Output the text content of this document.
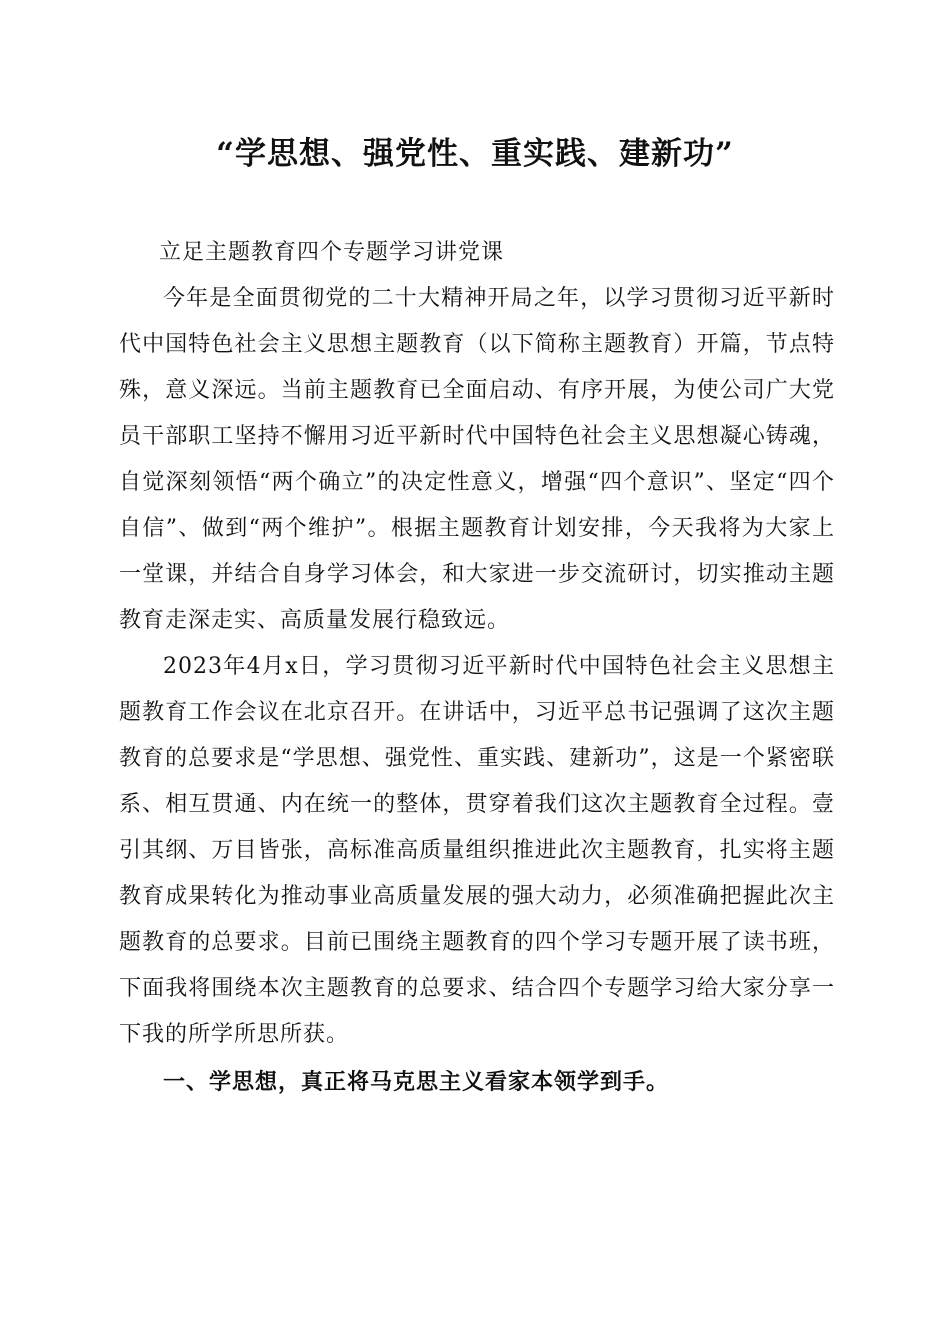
“学思想、强党性、重实践、建新功”

立足主题教育四个专题学习讲党课

今年是全面贯彻党的二十大精神开局之年，以学习贯彻习近平新时代中国特色社会主义思想主题教育（以下简称主题教育）开篇，节点特殊，意义深远。当前主题教育已全面启动、有序开展，为使公司广大党员干部职工坚持不懈用习近平新时代中国特色社会主义思想凝心铸魂，自觉深刻领悟“两个确立”的决定性意义，增强“四个意识”、坚定“四个自信”、做到“两个维护”。根据主题教育计划安排，今天我将为大家上一堂课，并结合自身学习体会，和大家进一步交流研讨，切实推动主题教育走深走实、高质量发展行稳致远。

2023年4月x日，学习贯彻习近平新时代中国特色社会主义思想主题教育工作会议在北京召开。在讲话中，习近平总书记强调了这次主题教育的总要求是“学思想、强党性、重实践、建新功”，这是一个紧密联系、相互贯通、内在统一的整体，贯穿着我们这次主题教育全过程。壹引其纲、万目皆张，高标准高质量组织推进此次主题教育，扎实将主题教育成果转化为推动事业高质量发展的强大动力，必须准确把握此次主题教育的总要求。目前已围绕主题教育的四个学习专题开展了读书班，下面我将围绕本次主题教育的总要求、结合四个专题学习给大家分享一下我的所学所思所获。

一、学思想，真正将马克思主义看家本领学到手。
